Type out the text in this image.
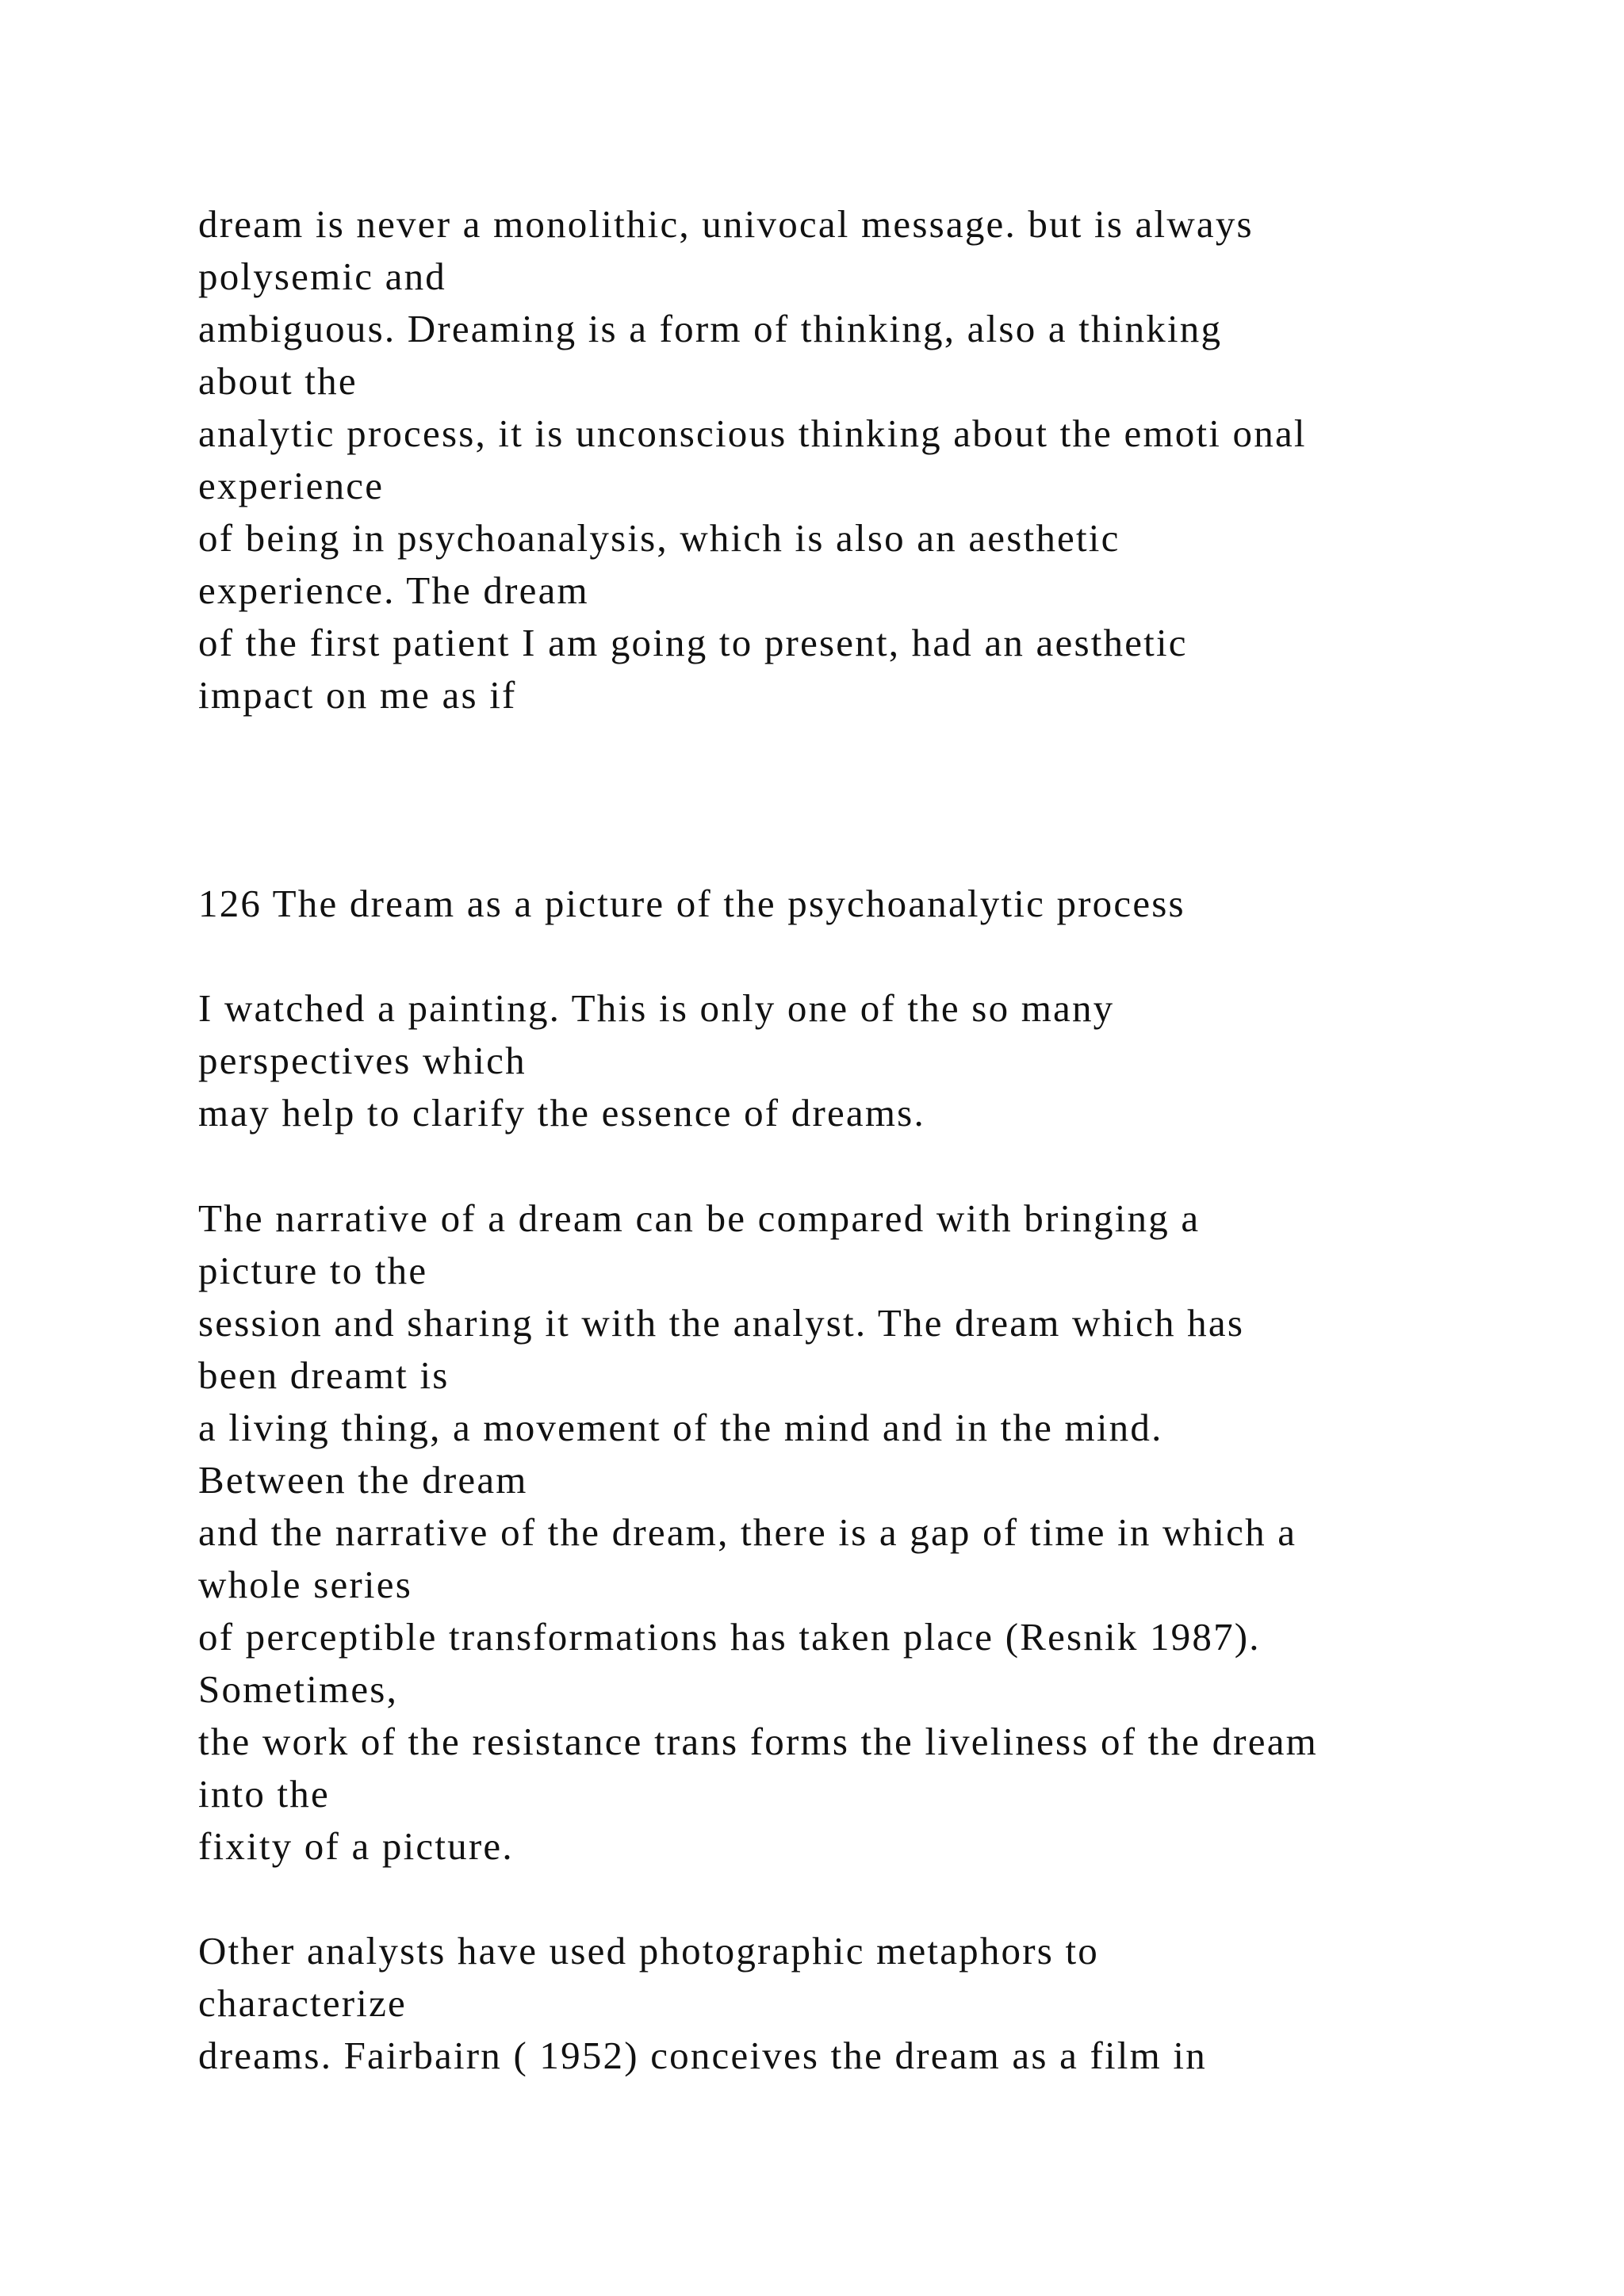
dream is never a monolithic, univocal message. but is always
polysemic and
ambiguous. Dreaming is a form of thinking, also a thinking
about the
analytic process, it is unconscious thinking about the emoti onal
experience
of being in psychoanalysis, which is also an aesthetic
experience. The dream
of the first patient I am going to present, had an aesthetic
impact on me as if
126 The dream as a picture of the psychoanalytic process
I watched a painting. This is only one of the so many
perspectives which
may help to clarify the essence of dreams.
The narrative of a dream can be compared with bringing a
picture to the
session and sharing it with the analyst. The dream which has
been dreamt is
a living thing, a movement of the mind and in the mind.
Between the dream
and the narrative of the dream, there is a gap of time in which a
whole series
of perceptible transformations has taken place (Resnik 1987).
Sometimes,
the work of the resistance trans forms the liveliness of the dream
into the
fixity of a picture.
Other analysts have used photographic metaphors to
characterize
dreams. Fairbairn ( 1952) conceives the dream as a film in
